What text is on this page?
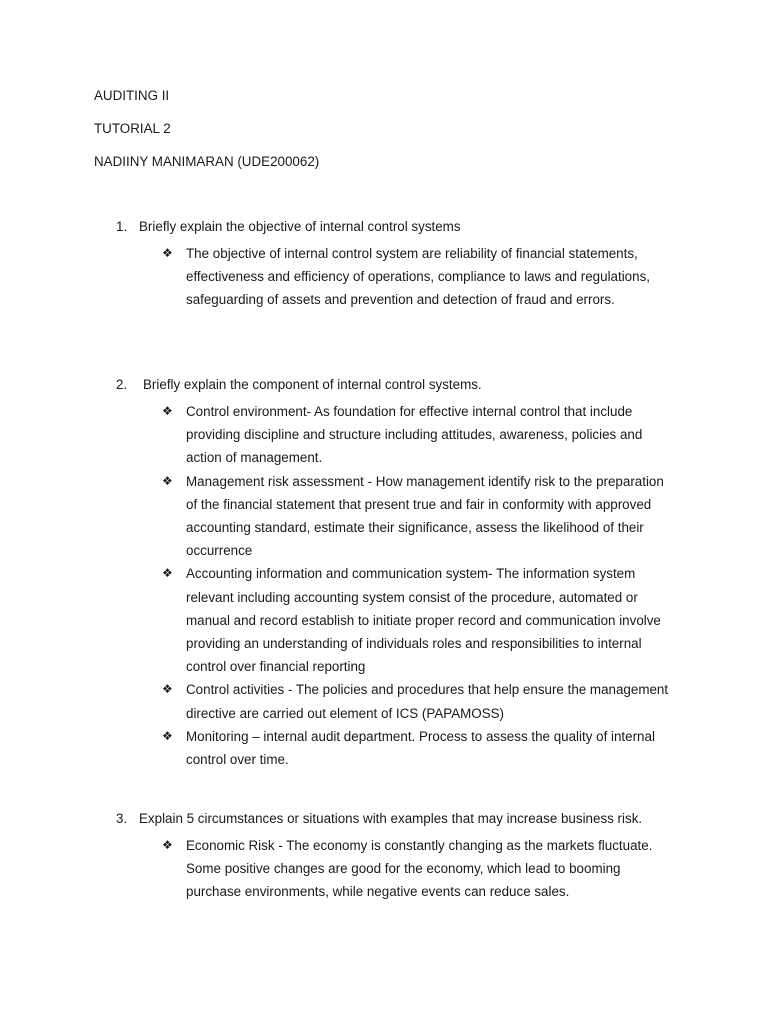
AUDITING II
TUTORIAL 2
NADIINY MANIMARAN (UDE200062)
1. Briefly explain the objective of internal control systems
❖ The objective of internal control system are reliability of financial statements, effectiveness and efficiency of operations, compliance to laws and regulations, safeguarding of assets and prevention and detection of fraud and errors.
2. Briefly explain the component of internal control systems.
❖ Control environment- As foundation for effective internal control that include providing discipline and structure including attitudes, awareness, policies and action of management.
❖ Management risk assessment - How management identify risk to the preparation of the financial statement that present true and fair in conformity with approved accounting standard, estimate their significance, assess the likelihood of their occurrence
❖ Accounting information and communication system- The information system relevant including accounting system consist of the procedure, automated or manual and record establish to initiate proper record and communication involve providing an understanding of individuals roles and responsibilities to internal control over financial reporting
❖ Control activities - The policies and procedures that help ensure the management directive are carried out element of ICS (PAPAMOSS)
❖ Monitoring – internal audit department. Process to assess the quality of internal control over time.
3. Explain 5 circumstances or situations with examples that may increase business risk.
❖ Economic Risk - The economy is constantly changing as the markets fluctuate. Some positive changes are good for the economy, which lead to booming purchase environments, while negative events can reduce sales.
